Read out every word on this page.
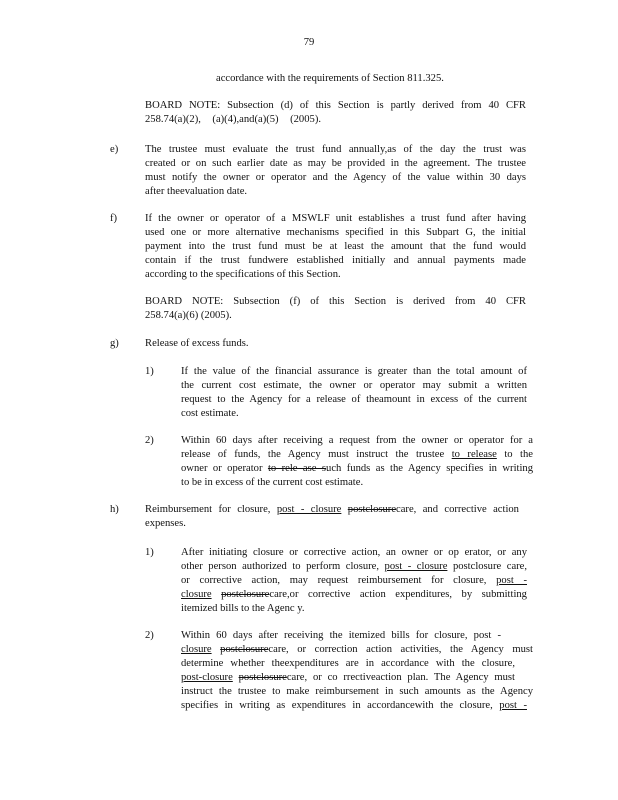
79
accordance with the requirements of Section 811.325.
BOARD NOTE: Subsection (d) of this Section is partly derived from 40 CFR
258.74(a)(2), (a)(4),and(a)(5) (2005).
e)	The trustee must evaluate the trust fund annually,as of the day the trust was
created or on such earlier date as may be provided in the agreement. The trustee
must notify the owner or operator and the Agency of the value within 30 days
after theevaluation date.
f)	If the owner or operator of a MSWLF unit establishes a trust fund after having
used one or more alternative mechanisms specified in this Subpart G, the initial
payment into the trust fund must be at least the amount that the fund would
contain if the trust fundwere established initially and annual payments made
according to the specifications of this Section.
BOARD NOTE: Subsection (f) of this Section is derived from 40 CFR
258.74(a)(6) (2005).
g) Release of excess funds.
1)	If the value of the financial assurance is greater than the total amount of
the current cost estimate, the owner or operator may submit a written
request to the Agency for a release of theamount in excess of the current
cost estimate.
2)	Within 60 days after receiving a request from the owner or operator for a
release of funds, the Agency must instruct the trustee to release to the
owner or operator to rele ase such funds as the Agency specifies in writing
to be in excess of the current cost estimate.
h) Reimbursement for closure, post - closure postclosurecare, and corrective action
expenses.
1)	After initiating closure or corrective action, an owner or op erator, or any
other person authorized to perform closure, post - closure postclosure care,
or corrective action, may request reimbursement for closure, post -
closure postclosurecare,or corrective action expenditures, by submitting
itemized bills to the Agenc y.
2)	Within 60 days after receiving the itemized bills for closure, post -
closure postclosurecare, or correction action activities, the Agency must
determine whether theexpenditures are in accordance with the closure,
post-closure postclosurecare, or co rrectiveaction plan. The Agency must
instruct the trustee to make reimbursement in such amounts as the Agency
specifies in writing as expenditures in accordancewith the closure, post -
